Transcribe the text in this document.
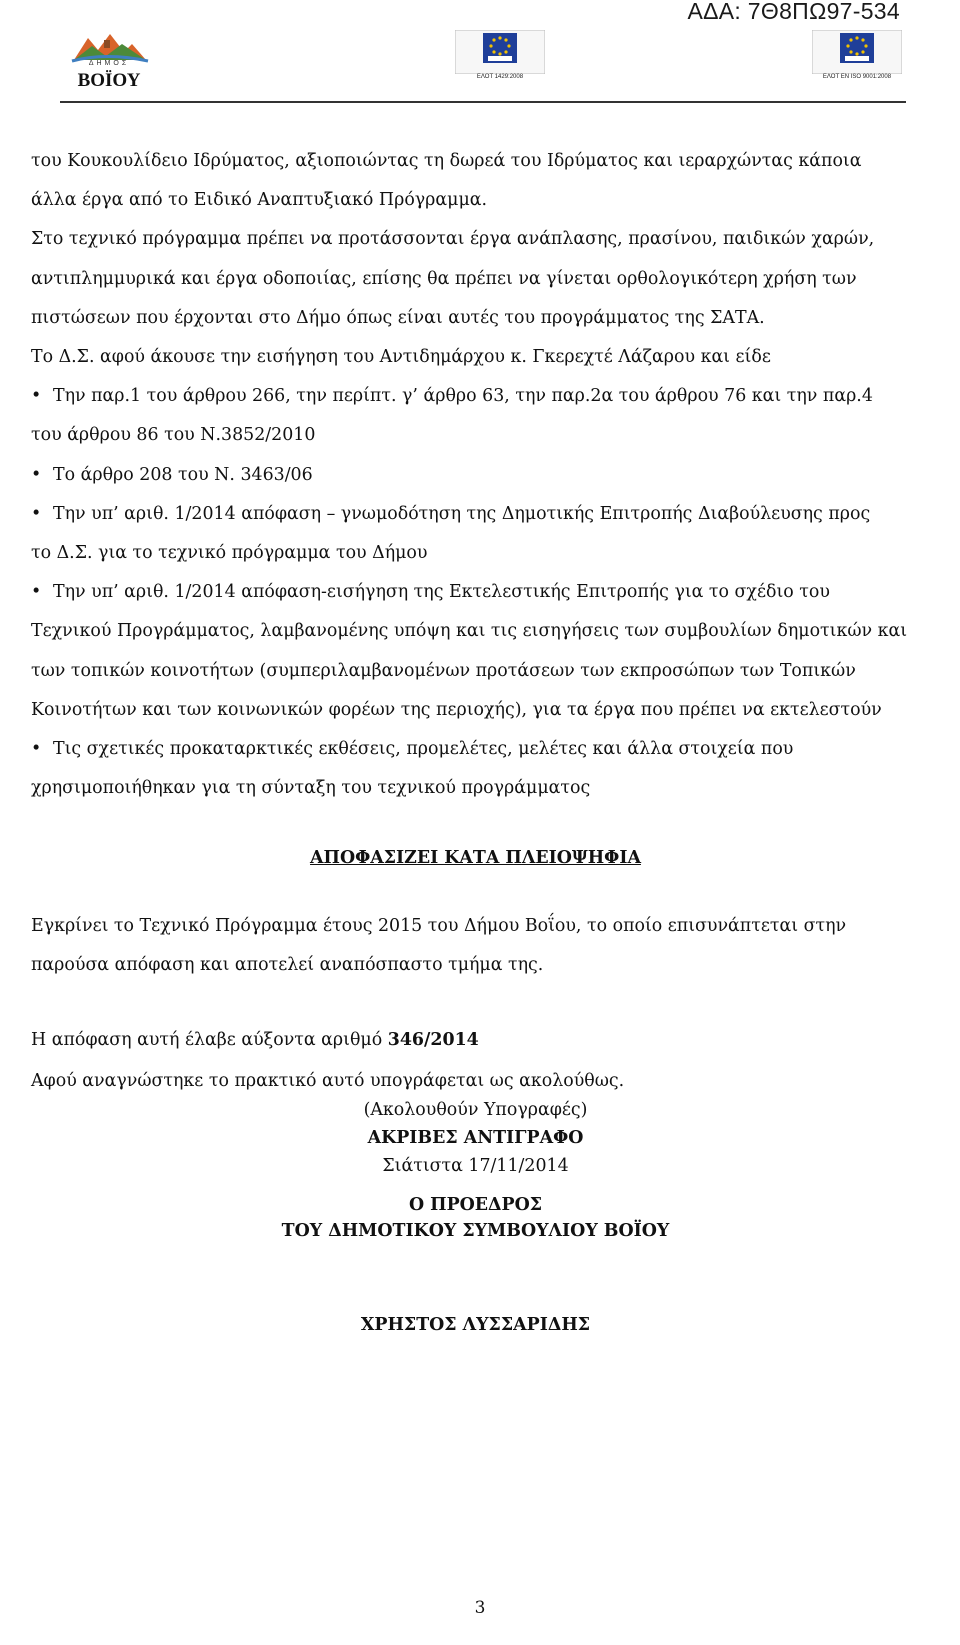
ΑΔΑ: 7Θ8ΠΩ97-534
ΔΗΜΟΣ
ΒΟΪΟΥ	ΕΛΟΤ 1429:2008	ΕΛΟΤ ΕΝ ISO 9001:2008

του Κουκουλίδειο Ιδρύματος, αξιοποιώντας τη δωρεά του Ιδρύματος και ιεραρχώντας κάποια

άλλα έργα από το Ειδικό Αναπτυξιακό Πρόγραμμα.

Στο τεχνικό πρόγραμμα πρέπει να προτάσσονται έργα ανάπλασης, πρασίνου, παιδικών χαρών,

αντιπλημμυρικά και έργα οδοποιίας, επίσης θα πρέπει να γίνεται ορθολογικότερη χρήση των

πιστώσεων που έρχονται στο Δήμο όπως είναι αυτές του προγράμματος της ΣΑΤΑ.

Το Δ.Σ. αφού άκουσε την εισήγηση του Αντιδημάρχου κ. Γκερεχτέ Λάζαρου και είδε

• Την παρ.1 του άρθρου 266, την περίπτ. γ’ άρθρο 63, την παρ.2α του άρθρου 76 και την παρ.4

του άρθρου 86 του Ν.3852/2010

• Το άρθρο 208 του Ν. 3463/06

• Την υπ’ αριθ. 1/2014 απόφαση – γνωμοδότηση της Δημοτικής Επιτροπής Διαβούλευσης προς

το Δ.Σ. για το τεχνικό πρόγραμμα του Δήμου

• Την υπ’ αριθ. 1/2014 απόφαση-εισήγηση της Εκτελεστικής Επιτροπής για το σχέδιο του

Τεχνικού Προγράμματος, λαμβανομένης υπόψη και τις εισηγήσεις των συμβουλίων δημοτικών και

των τοπικών κοινοτήτων (συμπεριλαμβανομένων προτάσεων των εκπροσώπων των Τοπικών

Κοινοτήτων και των κοινωνικών φορέων της περιοχής), για τα έργα που πρέπει να εκτελεστούν

• Τις σχετικές προκαταρκτικές εκθέσεις, προμελέτες, μελέτες και άλλα στοιχεία που

χρησιμοποιήθηκαν για τη σύνταξη του τεχνικού προγράμματος

ΑΠΟΦΑΣΙΖΕΙ ΚΑΤΑ ΠΛΕΙΟΨΗΦΙΑ

Εγκρίνει το Τεχνικό Πρόγραμμα έτους 2015 του Δήμου Βοΐου, το οποίο επισυνάπτεται στην

παρούσα απόφαση και αποτελεί αναπόσπαστο τμήμα της.

Η απόφαση αυτή έλαβε αύξοντα αριθμό 346/2014

Αφού αναγνώστηκε το πρακτικό αυτό υπογράφεται ως ακολούθως.

(Ακολουθούν Υπογραφές)

ΑΚΡΙΒΕΣ ΑΝΤΙΓΡΑΦΟ

Σιάτιστα 17/11/2014

Ο ΠΡΟΕΔΡΟΣ

ΤΟΥ ΔΗΜΟΤΙΚΟΥ ΣΥΜΒΟΥΛΙΟΥ ΒΟΪΟΥ

ΧΡΗΣΤΟΣ ΛΥΣΣΑΡΙΔΗΣ

3
